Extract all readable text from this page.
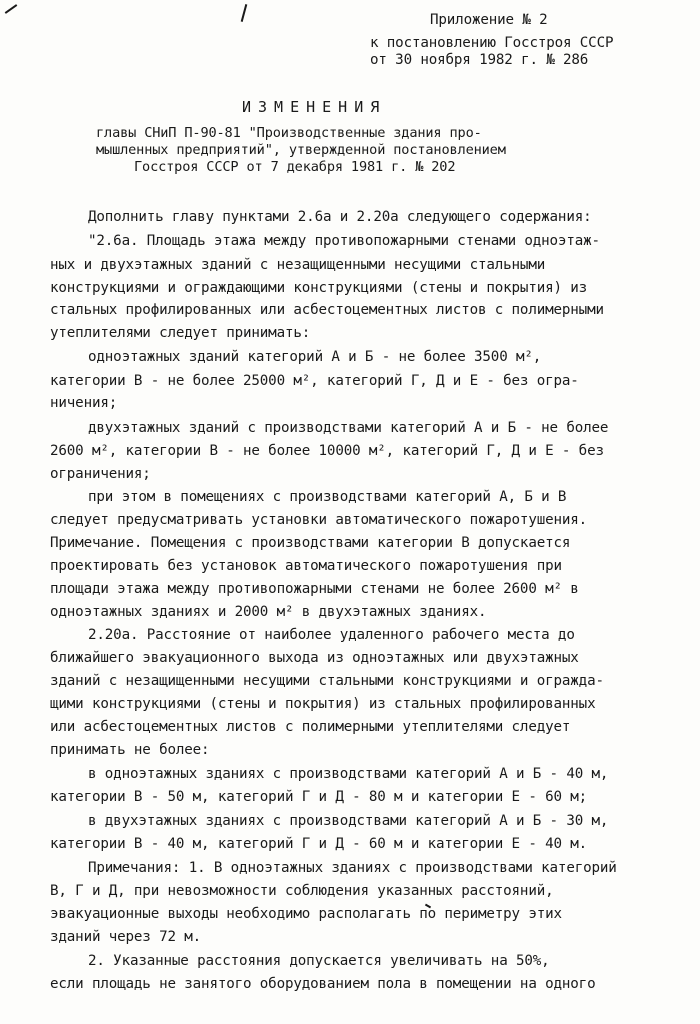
Приложение № 2
к постановлению Госстроя СССР
от 30 ноября 1982 г. № 286
ИЗМЕНЕНИЯ
главы СНиП П-90-81 "Производственные здания про-
мышленных предприятий", утвержденной постановлением
Госстроя СССР от 7 декабря 1981 г. № 202
Дополнить главу пунктами 2.6а и 2.20а следующего содержания:
"2.6а. Площадь этажа между противопожарными стенами одноэтаж-
ных и двухэтажных зданий с незащищенными несущими стальными
конструкциями и ограждающими конструкциями (стены и покрытия) из
стальных профилированных или асбестоцементных листов с полимерными
утеплителями следует принимать:
одноэтажных зданий категорий А и Б - не более 3500 м²,
категории В - не более 25000 м², категорий Г, Д и Е - без огра-
ничения;
двухэтажных зданий с производствами категорий А и Б - не более
2600 м², категории В - не более 10000 м², категорий Г, Д и Е - без
ограничения;
при этом в помещениях с производствами категорий А, Б и В
следует предусматривать установки автоматического пожаротушения.
Примечание. Помещения с производствами категории В допускается
проектировать без установок автоматического пожаротушения при
площади этажа между противопожарными стенами не более 2600 м² в
одноэтажных зданиях и 2000 м² в двухэтажных зданиях.
2.20а. Расстояние от наиболее удаленного рабочего места до
ближайшего эвакуационного выхода из одноэтажных или двухэтажных
зданий с незащищенными несущими стальными конструкциями и огражда-
щими конструкциями (стены и покрытия) из стальных профилированных
или асбестоцементных листов с полимерными утеплителями следует
принимать не более:
в одноэтажных зданиях с производствами категорий А и Б - 40 м,
категории В - 50 м, категорий Г и Д - 80 м и категории Е - 60 м;
в двухэтажных зданиях с производствами категорий А и Б - 30 м,
категории В - 40 м, категорий Г и Д - 60 м и категории Е - 40 м.
Примечания: 1. В одноэтажных зданиях с производствами категорий
В, Г и Д, при невозможности соблюдения указанных расстояний,
эвакуационные выходы необходимо располагать по периметру этих
зданий через 72 м.
2. Указанные расстояния допускается увеличивать на 50%,
если площадь не занятого оборудованием пола в помещении на одного
